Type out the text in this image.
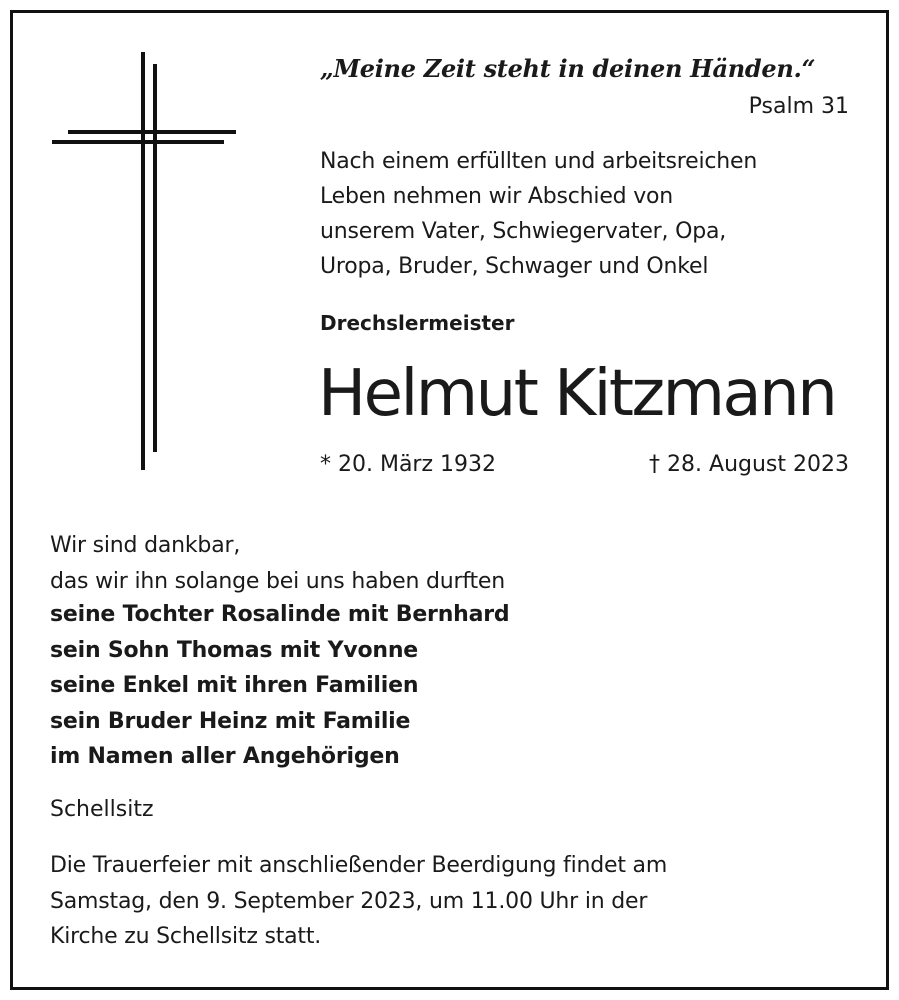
„Meine Zeit steht in deinen Händen.“
Psalm 31
Nach einem erfüllten und arbeitsreichen
Leben nehmen wir Abschied von
unserem Vater, Schwiegervater, Opa,
Uropa, Bruder, Schwager und Onkel
Drechslermeister
Helmut Kitzmann
* 20. März 1932	† 28. August 2023
Wir sind dankbar,
das wir ihn solange bei uns haben durften
seine Tochter Rosalinde mit Bernhard
sein Sohn Thomas mit Yvonne
seine Enkel mit ihren Familien
sein Bruder Heinz mit Familie
im Namen aller Angehörigen
Schellsitz
Die Trauerfeier mit anschließender Beerdigung findet am
Samstag, den 9. September 2023, um 11.00 Uhr in der
Kirche zu Schellsitz statt.
